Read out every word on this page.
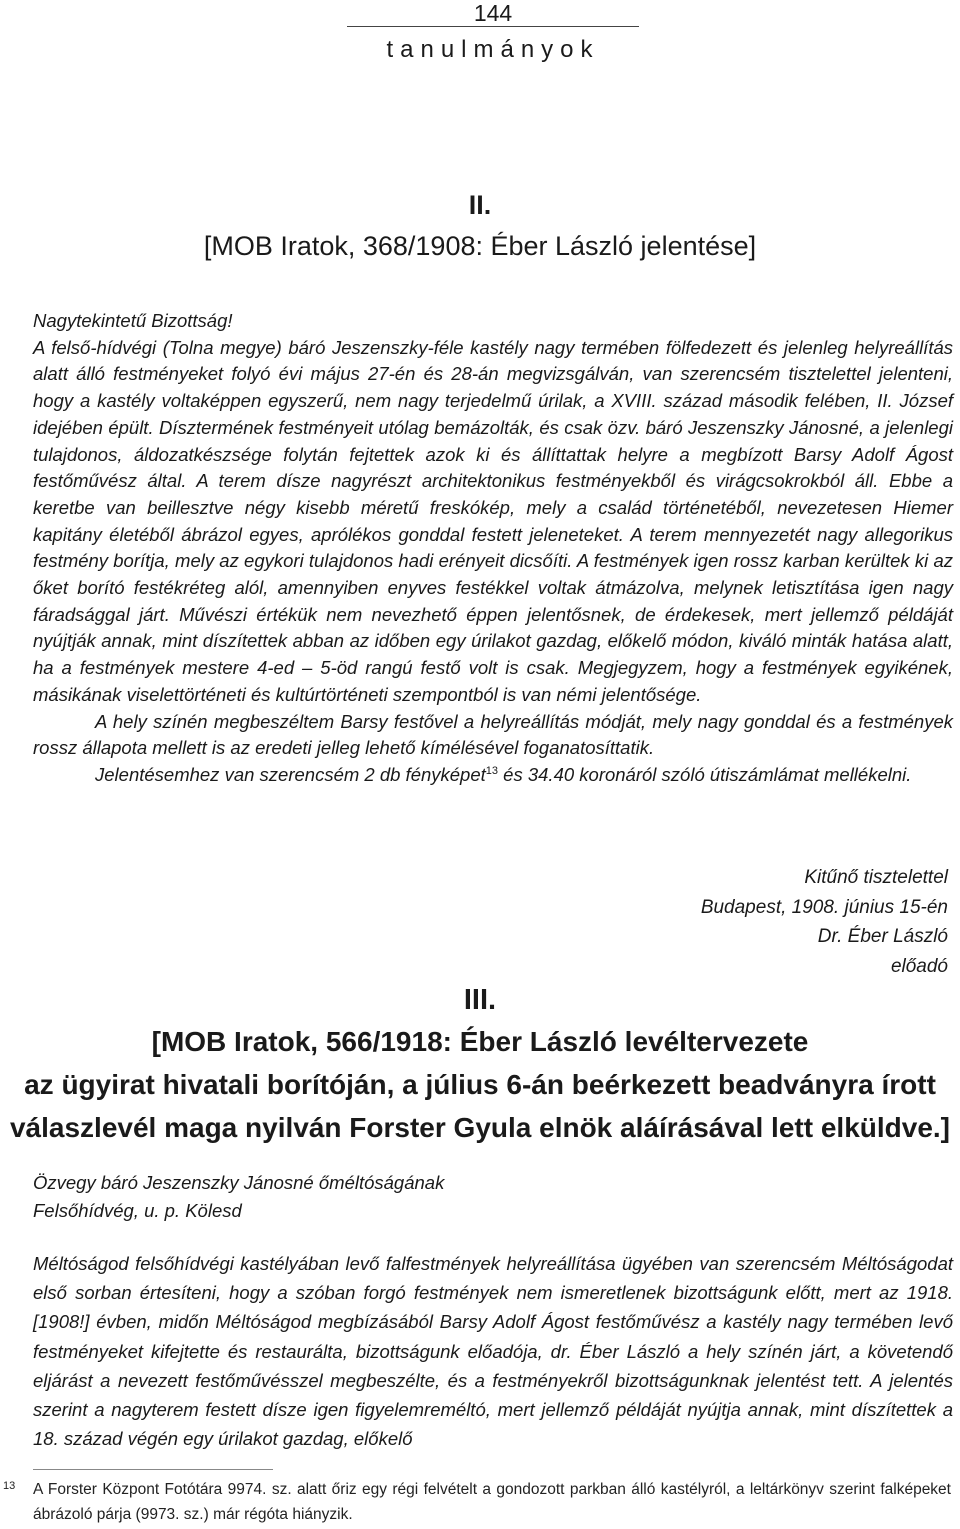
144
tanulmányok
II.
[MOB Iratok, 368/1908: Éber László jelentése]

Nagytekintetű Bizottság!

A felső-hídvégi (Tolna megye) báró Jeszenszky-féle kastély nagy termében fölfedezett és jelenleg helyreállítás alatt álló festményeket folyó évi május 27-én és 28-án megvizsgálván, van szerencsém tisztelettel jelenteni, hogy a kastély voltaképpen egyszerű, nem nagy terjedelmű úrilak, a XVIII. század második felében, II. József idejében épült. Dísztermének festményeit utólag bemázolták, és csak özv. báró Jeszenszky Jánosné, a jelenlegi tulajdonos, áldozatkészsége folytán fejtettek azok ki és állíttattak helyre a megbízott Barsy Adolf Ágost festőművész által. A terem dísze nagyrészt architektonikus festményekből és virágcsokrokból áll. Ebbe a keretbe van beillesztve négy kisebb méretű freskókép, mely a család történetéből, nevezetesen Hiemer kapitány életéből ábrázol egyes, aprólékos gonddal festett jeleneteket. A terem mennyezetét nagy allegorikus festmény borítja, mely az egykori tulajdonos hadi erényeit dicsőíti. A festmények igen rossz karban kerültek ki az őket borító festékréteg alól, amennyiben enyves festékkel voltak átmázolva, melynek letisztítása igen nagy fáradsággal járt. Művészi értékük nem nevezhető éppen jelentősnek, de érdekesek, mert jellemző példáját nyújtják annak, mint díszítettek abban az időben egy úrilakot gazdag, előkelő módon, kiváló minták hatása alatt, ha a festmények mestere 4-ed – 5-öd rangú festő volt is csak. Megjegyzem, hogy a festmények egyikének, másikának viselettörténeti és kultúrtörténeti szempontból is van némi jelentősége.

A hely színén megbeszéltem Barsy festővel a helyreállítás módját, mely nagy gonddal és a festmények rossz állapota mellett is az eredeti jelleg lehető kímélésével foganatosíttatik.

Jelentésemhez van szerencsém 2 db fényképet$^{13}$ és 34.40 koronáról szóló útiszámlámat mellékelni.

Kitűnő tisztelettel
Budapest, 1908. június 15-én
Dr. Éber László
előadó
III.
[MOB Iratok, 566/1918: Éber László levéltervezete
az ügyirat hivatali borítóján, a július 6-án beérkezett beadványra írott
válaszlevél maga nyilván Forster Gyula elnök aláírásával lett elküldve.]

Özvegy báró Jeszenszky Jánosné őméltóságának

Felsőhídvég, u. p. Kölesd

Méltóságod felsőhídvégi kastélyában levő falfestmények helyreállítása ügyében van szerencsém Méltóságodat első sorban értesíteni, hogy a szóban forgó festmények nem ismeretlenek bizottságunk előtt, mert az 1918. [1908!] évben, midőn Méltóságod megbízásából Barsy Adolf Ágost festőművész a kastély nagy termében levő festményeket kifejtette és restaurálta, bizottságunk előadója, dr. Éber László a hely színén járt, a követendő eljárást a nevezett festőművésszel megbeszélte, és a festményekről bizottságunknak jelentést tett. A jelentés szerint a nagyterem festett dísze igen figyelemreméltó, mert jellemző példáját nyújtja annak, mint díszítettek a 18. század végén egy úrilakot gazdag, előkelő

13 A Forster Központ Fotótára 9974. sz. alatt őriz egy régi felvételt a gondozott parkban álló kastélyról, a leltárkönyv szerint falképeket ábrázoló párja (9973. sz.) már régóta hiányzik.
